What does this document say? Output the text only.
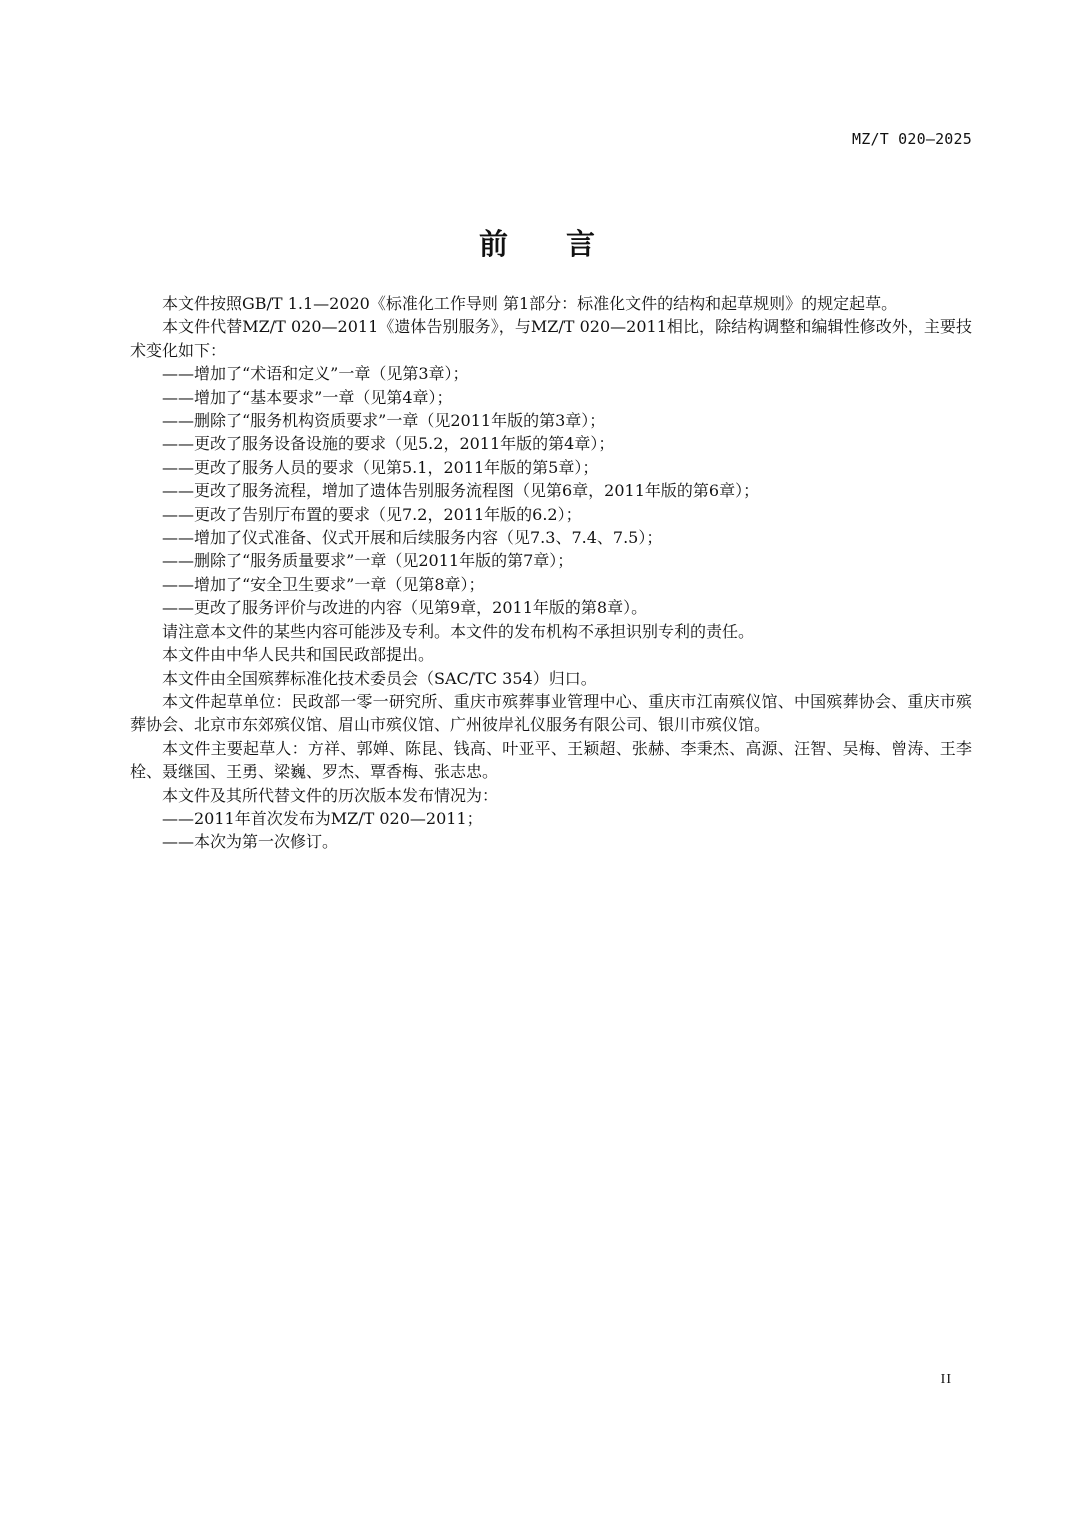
MZ/T 020—2025
前言

本文件按照GB/T 1.1—2020《标准化工作导则 第1部分：标准化文件的结构和起草规则》的规定起草。

本文件代替MZ/T 020—2011《遗体告别服务》，与MZ/T 020—2011相比，除结构调整和编辑性修改外，主要技术变化如下：

——增加了“术语和定义”一章（见第3章）；

——增加了“基本要求”一章（见第4章）；

——删除了“服务机构资质要求”一章（见2011年版的第3章）；

——更改了服务设备设施的要求（见5.2，2011年版的第4章）；

——更改了服务人员的要求（见第5.1，2011年版的第5章）；

——更改了服务流程，增加了遗体告别服务流程图（见第6章，2011年版的第6章）；

——更改了告别厅布置的要求（见7.2，2011年版的6.2）；

——增加了仪式准备、仪式开展和后续服务内容（见7.3、7.4、7.5）；

——删除了“服务质量要求”一章（见2011年版的第7章）；

——增加了“安全卫生要求”一章（见第8章）；

——更改了服务评价与改进的内容（见第9章，2011年版的第8章）。

请注意本文件的某些内容可能涉及专利。本文件的发布机构不承担识别专利的责任。

本文件由中华人民共和国民政部提出。

本文件由全国殡葬标准化技术委员会（SAC/TC 354）归口。

本文件起草单位：民政部一零一研究所、重庆市殡葬事业管理中心、重庆市江南殡仪馆、中国殡葬协会、重庆市殡葬协会、北京市东郊殡仪馆、眉山市殡仪馆、广州彼岸礼仪服务有限公司、银川市殡仪馆。

本文件主要起草人：方祥、郭婵、陈昆、钱高、叶亚平、王颖超、张赫、李秉杰、高源、汪智、吴梅、曾涛、王李栓、聂继国、王勇、梁巍、罗杰、覃香梅、张志忠。

本文件及其所代替文件的历次版本发布情况为：

——2011年首次发布为MZ/T 020—2011；

——本次为第一次修订。

II
